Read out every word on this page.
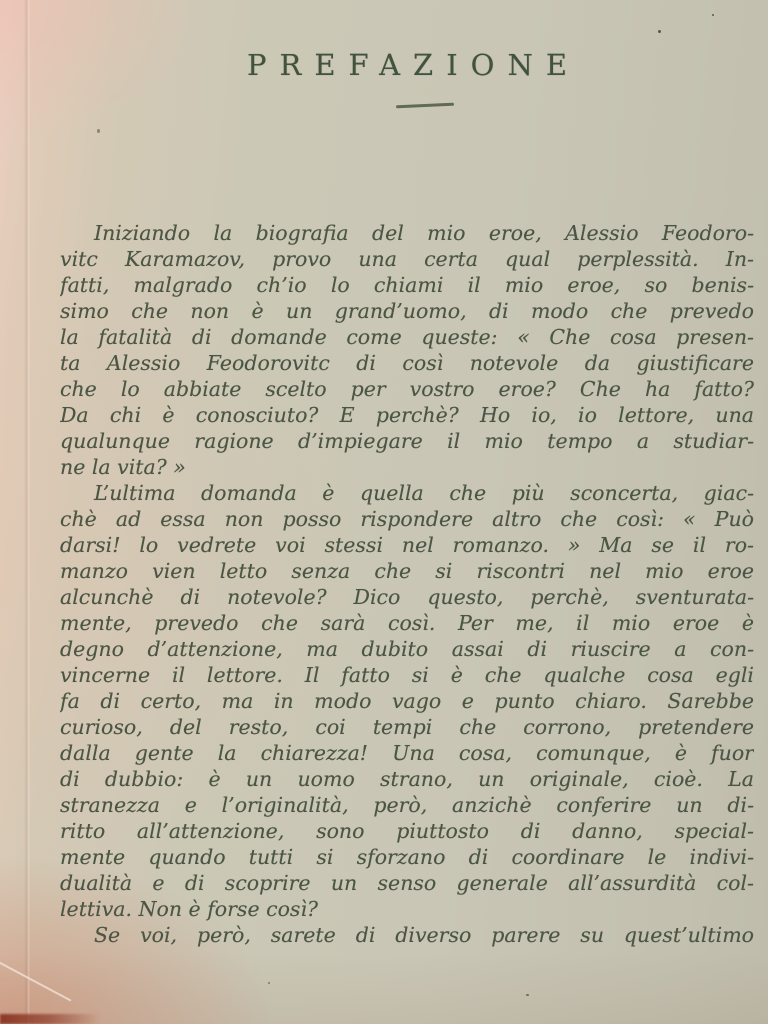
PREFAZIONE
Iniziando la biografia del mio eroe, Alessio Feodoro-
vitc Karamazov, provo una certa qual perplessità. In-
fatti, malgrado ch’io lo chiami il mio eroe, so benis-
simo che non è un grand’uomo, di modo che prevedo
la fatalità di domande come queste: « Che cosa presen-
ta Alessio Feodorovitc di così notevole da giustificare
che lo abbiate scelto per vostro eroe? Che ha fatto?
Da chi è conosciuto? E perchè? Ho io, io lettore, una
qualunque ragione d’impiegare il mio tempo a studiar-
ne la vita? »
L’ultima domanda è quella che più sconcerta, giac-
chè ad essa non posso rispondere altro che così: « Può
darsi! lo vedrete voi stessi nel romanzo. » Ma se il ro-
manzo vien letto senza che si riscontri nel mio eroe
alcunchè di notevole? Dico questo, perchè, sventurata-
mente, prevedo che sarà così. Per me, il mio eroe è
degno d’attenzione, ma dubito assai di riuscire a con-
vincerne il lettore. Il fatto si è che qualche cosa egli
fa di certo, ma in modo vago e punto chiaro. Sarebbe
curioso, del resto, coi tempi che corrono, pretendere
dalla gente la chiarezza! Una cosa, comunque, è fuor
di dubbio: è un uomo strano, un originale, cioè. La
stranezza e l’originalità, però, anzichè conferire un di-
ritto all’attenzione, sono piuttosto di danno, special-
mente quando tutti si sforzano di coordinare le indivi-
dualità e di scoprire un senso generale all’assurdità col-
lettiva. Non è forse così?
Se voi, però, sarete di diverso parere su quest’ultimo
